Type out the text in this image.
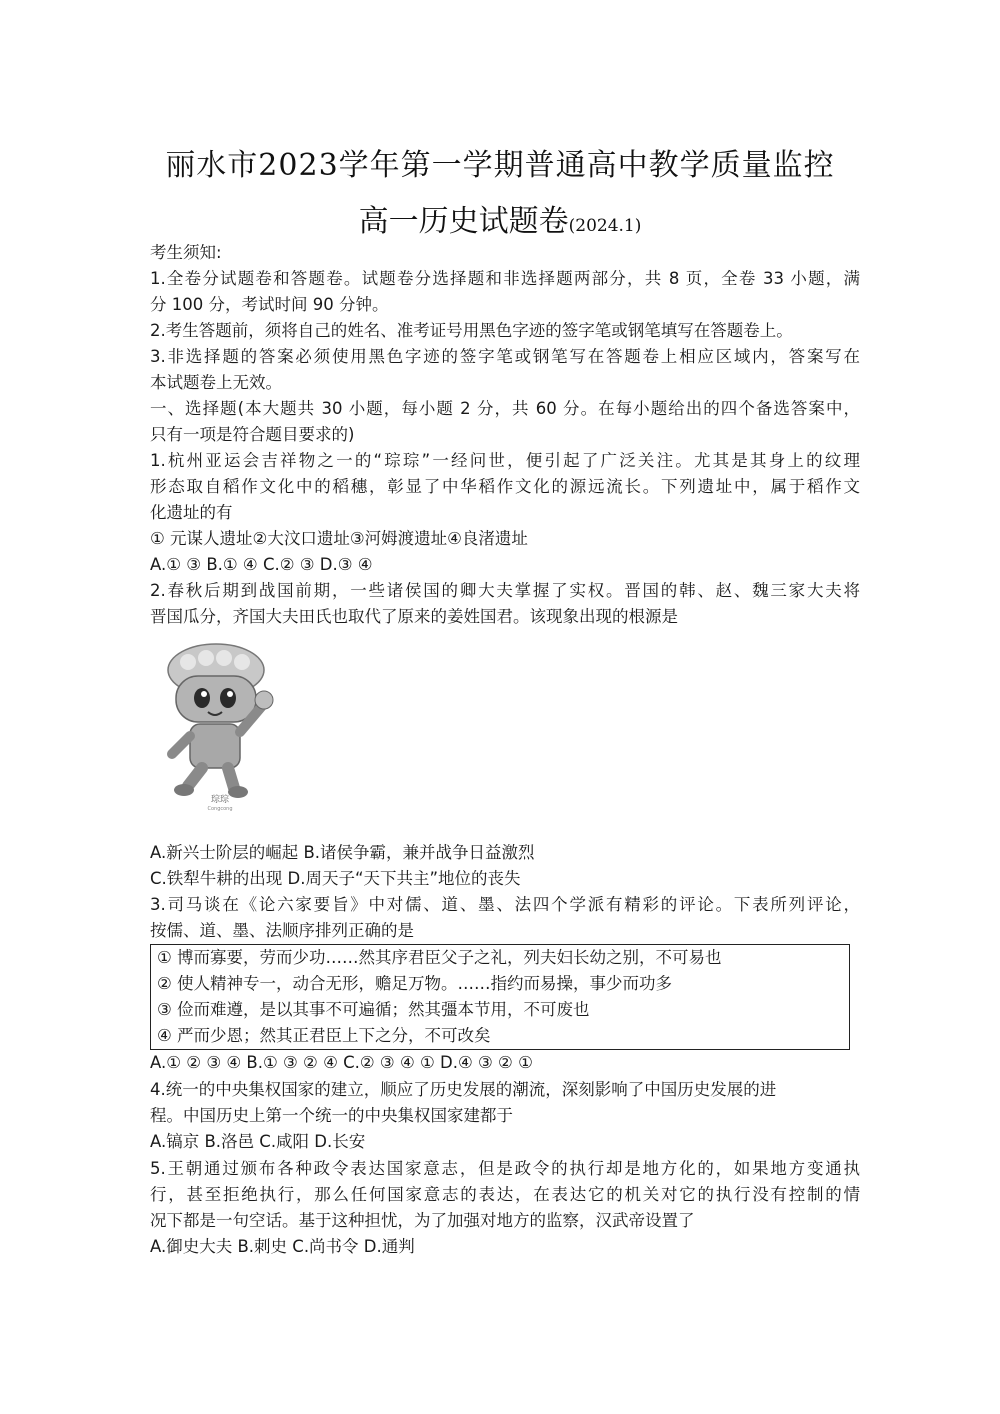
丽水市2023学年第一学期普通高中教学质量监控
高一历史试题卷(2024.1)
考生须知:
1.全卷分试题卷和答题卷。试题卷分选择题和非选择题两部分，共 8 页，全卷 33 小题，满
分 100 分，考试时间 90 分钟。
2.考生答题前，须将自己的姓名、准考证号用黑色字迹的签字笔或钢笔填写在答题卷上。
3.非选择题的答案必须使用黑色字迹的签字笔或钢笔写在答题卷上相应区域内，答案写在
本试题卷上无效。
一、选择题(本大题共 30 小题，每小题 2 分，共 60 分。在每小题给出的四个备选答案中，
只有一项是符合题目要求的)
1.杭州亚运会吉祥物之一的“琮琮”一经问世，便引起了广泛关注。尤其是其身上的纹理
形态取自稻作文化中的稻穗，彰显了中华稻作文化的源远流长。下列遗址中，属于稻作文
化遗址的有
① 元谋人遗址②大汶口遗址③河姆渡遗址④良渚遗址
A.① ③ B.① ④ C.② ③ D.③ ④
2.春秋后期到战国前期，一些诸侯国的卿大夫掌握了实权。晋国的韩、赵、魏三家大夫将
晋国瓜分，齐国大夫田氏也取代了原来的姜姓国君。该现象出现的根源是
琮琮
Congcong
A.新兴士阶层的崛起 B.诸侯争霸，兼并战争日益激烈
C.铁犁牛耕的出现 D.周天子“天下共主”地位的丧失
3.司马谈在《论六家要旨》中对儒、道、墨、法四个学派有精彩的评论。下表所列评论，
按儒、道、墨、法顺序排列正确的是
① 博而寡要，劳而少功……然其序君臣父子之礼，列夫妇长幼之别，不可易也
② 使人精神专一，动合无形，赡足万物。……指约而易操，事少而功多
③ 俭而难遵，是以其事不可遍循；然其彊本节用，不可废也
④ 严而少恩；然其正君臣上下之分，不可改矣
A.① ② ③ ④ B.① ③ ② ④ C.② ③ ④ ① D.④ ③ ② ①
4.统一的中央集权国家的建立，顺应了历史发展的潮流，深刻影响了中国历史发展的进
程。中国历史上第一个统一的中央集权国家建都于
A.镐京 B.洛邑 C.咸阳 D.长安
5.王朝通过颁布各种政令表达国家意志，但是政令的执行却是地方化的，如果地方变通执
行，甚至拒绝执行，那么任何国家意志的表达，在表达它的机关对它的执行没有控制的情
况下都是一句空话。基于这种担忧，为了加强对地方的监察，汉武帝设置了
A.御史大夫 B.刺史 C.尚书令 D.通判
